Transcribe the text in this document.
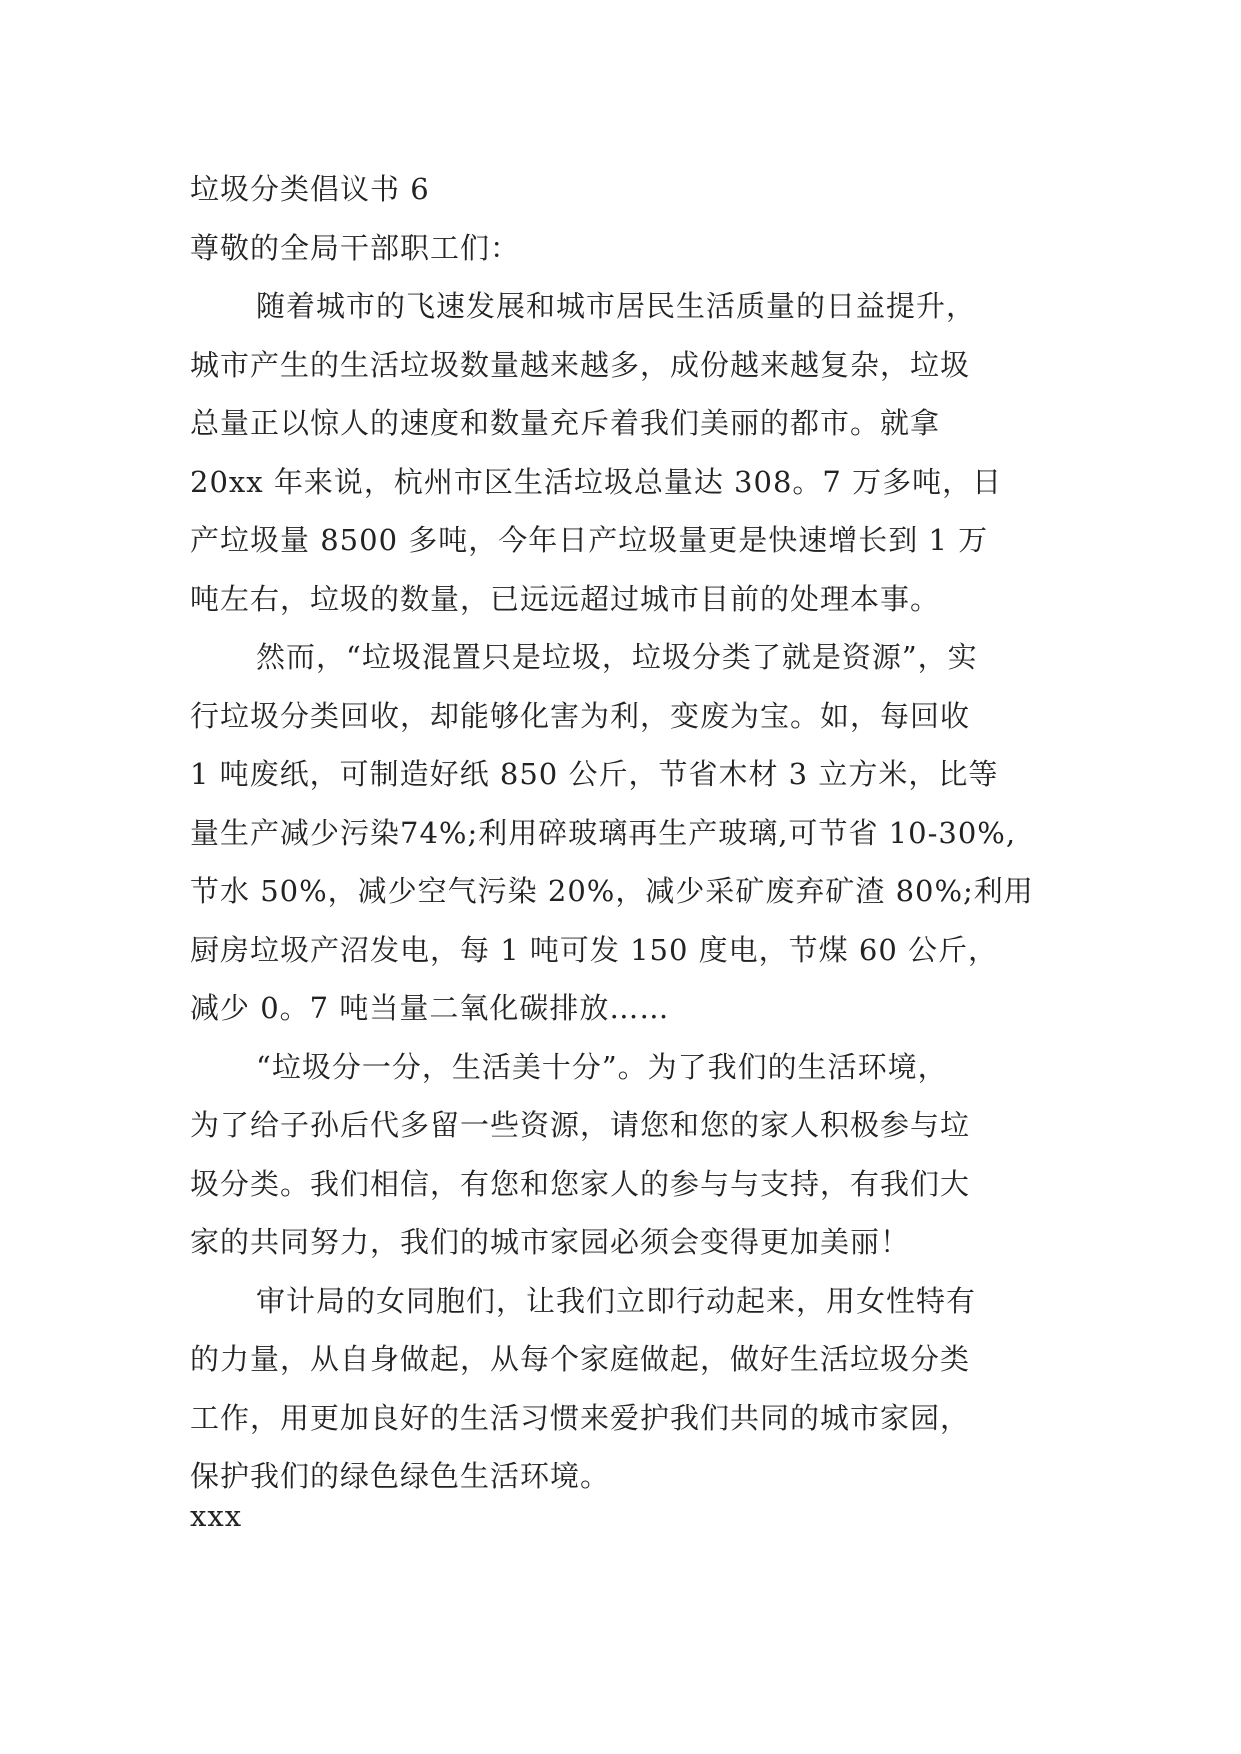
垃圾分类倡议书 6
尊敬的全局干部职工们：
随着城市的飞速发展和城市居民生活质量的日益提升，
城市产生的生活垃圾数量越来越多，成份越来越复杂，垃圾
总量正以惊人的速度和数量充斥着我们美丽的都市。就拿
20xx 年来说，杭州市区生活垃圾总量达 308。7 万多吨，日
产垃圾量 8500 多吨，今年日产垃圾量更是快速增长到 1 万
吨左右，垃圾的数量，已远远超过城市目前的处理本事。
然而，“垃圾混置只是垃圾，垃圾分类了就是资源”，实
行垃圾分类回收，却能够化害为利，变废为宝。如，每回收
1 吨废纸，可制造好纸 850 公斤，节省木材 3 立方米，比等
量生产减少污染74%;利用碎玻璃再生产玻璃,可节省 10-30%,
节水 50%，减少空气污染 20%，减少采矿废弃矿渣 80%;利用
厨房垃圾产沼发电，每 1 吨可发 150 度电，节煤 60 公斤，
减少 0。7 吨当量二氧化碳排放……
“垃圾分一分，生活美十分”。为了我们的生活环境，
为了给子孙后代多留一些资源，请您和您的家人积极参与垃
圾分类。我们相信，有您和您家人的参与与支持，有我们大
家的共同努力，我们的城市家园必须会变得更加美丽！
审计局的女同胞们，让我们立即行动起来，用女性特有
的力量，从自身做起，从每个家庭做起，做好生活垃圾分类
工作，用更加良好的生活习惯来爱护我们共同的城市家园，
保护我们的绿色绿色生活环境。
xxx
